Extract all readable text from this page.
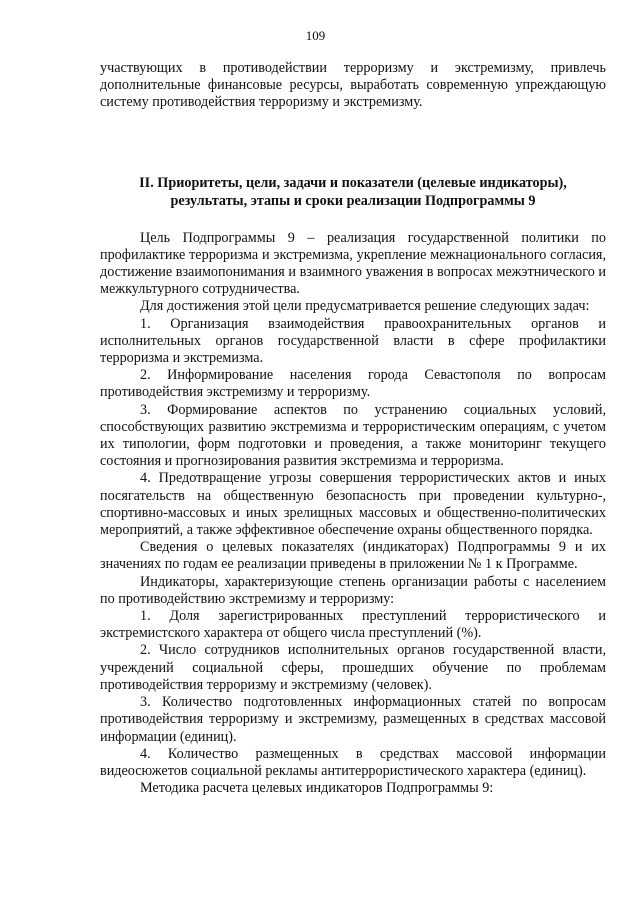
109

участвующих в противодействии терроризму и экстремизму, привлечь дополнительные финансовые ресурсы, выработать современную упреждающую систему противодействия терроризму и экстремизму.

II. Приоритеты, цели, задачи и показатели (целевые индикаторы), результаты, этапы и сроки реализации Подпрограммы 9

Цель Подпрограммы 9 – реализация государственной политики по профилактике терроризма и экстремизма, укрепление межнационального согласия, достижение взаимопонимания и взаимного уважения в вопросах межэтнического и межкультурного сотрудничества.

Для достижения этой цели предусматривается решение следующих задач:

1. Организация взаимодействия правоохранительных органов и исполнительных органов государственной власти в сфере профилактики терроризма и экстремизма.

2. Информирование населения города Севастополя по вопросам противодействия экстремизму и терроризму.

3. Формирование аспектов по устранению социальных условий, способствующих развитию экстремизма и террористическим операциям, с учетом их типологии, форм подготовки и проведения, а также мониторинг текущего состояния и прогнозирования развития экстремизма и терроризма.

4. Предотвращение угрозы совершения террористических актов и иных посягательств на общественную безопасность при проведении культурно-, спортивно-массовых и иных зрелищных массовых и общественно-политических мероприятий, а также эффективное обеспечение охраны общественного порядка.

Сведения о целевых показателях (индикаторах) Подпрограммы 9 и их значениях по годам ее реализации приведены в приложении № 1 к Программе.

Индикаторы, характеризующие степень организации работы с населением по противодействию экстремизму и терроризму:

1. Доля зарегистрированных преступлений террористического и экстремистского характера от общего числа преступлений (%).

2. Число сотрудников исполнительных органов государственной власти, учреждений социальной сферы, прошедших обучение по проблемам противодействия терроризму и экстремизму (человек).

3. Количество подготовленных информационных статей по вопросам противодействия терроризму и экстремизму, размещенных в средствах массовой информации (единиц).

4. Количество размещенных в средствах массовой информации видеосюжетов социальной рекламы антитеррористического характера (единиц).

Методика расчета целевых индикаторов Подпрограммы 9:
